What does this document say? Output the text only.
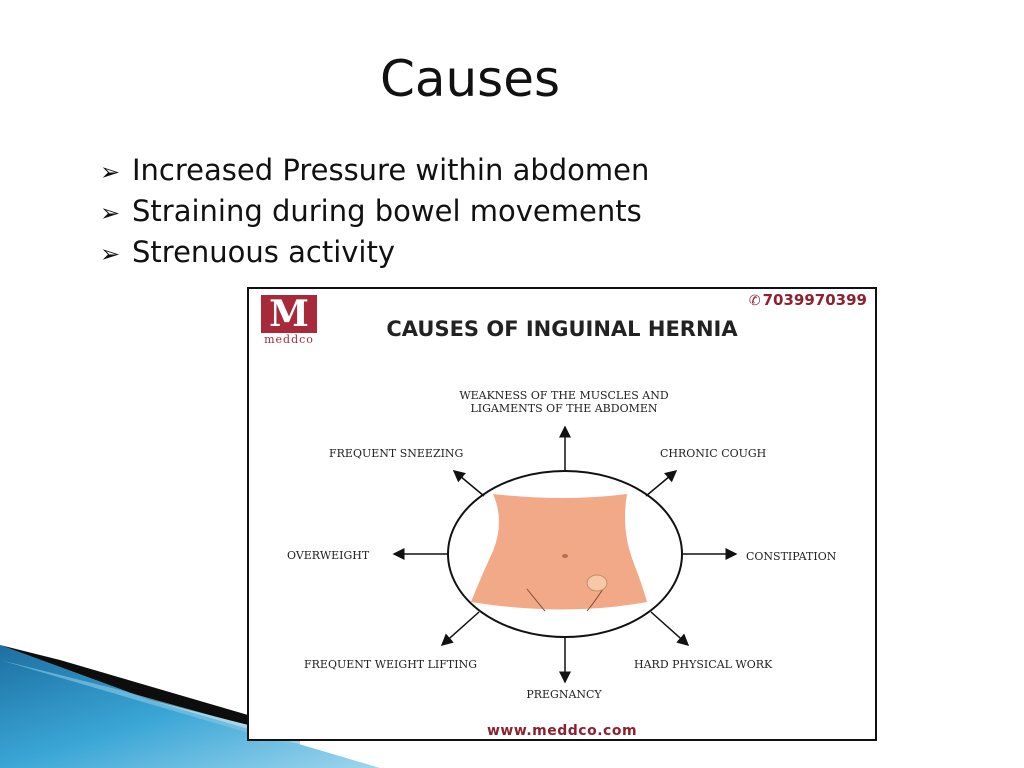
Causes
➢ Increased Pressure within abdomen
➢ Straining during bowel movements
➢ Strenuous activity
M
meddco
✆ 7039970399
CAUSES OF INGUINAL HERNIA
WEAKNESS OF THE MUSCLES AND
LIGAMENTS OF THE ABDOMEN
FREQUENT SNEEZING	CHRONIC COUGH
OVERWEIGHT	CONSTIPATION
FREQUENT WEIGHT LIFTING	HARD PHYSICAL WORK
PREGNANCY
www.meddco.com
